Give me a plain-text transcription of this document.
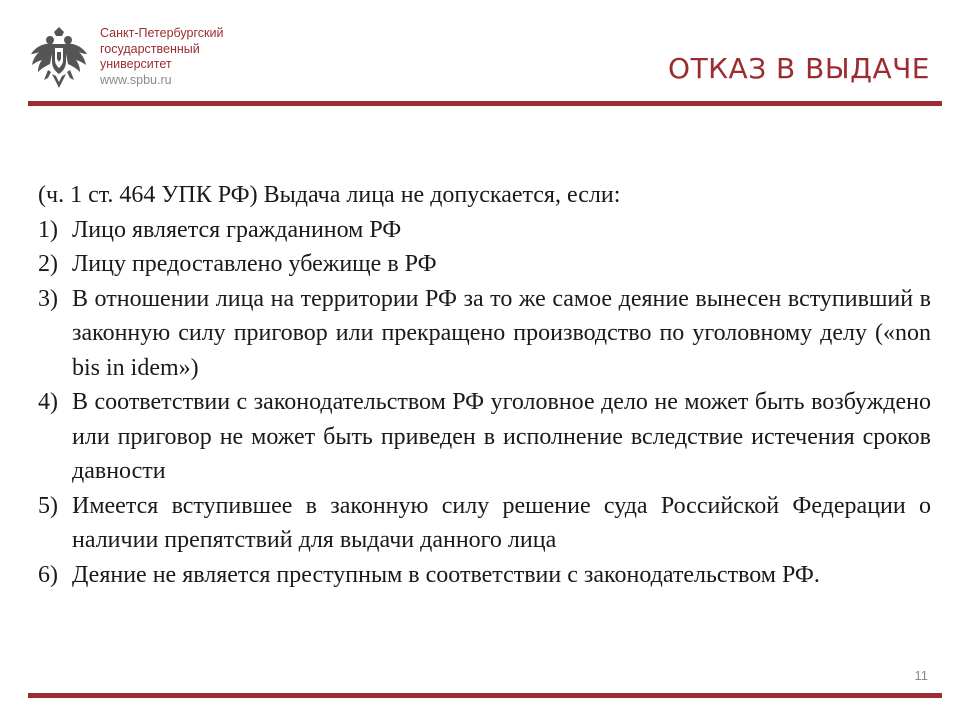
Санкт-Петербургский
государственный
университет
www.spbu.ru	ОТКАЗ В ВЫДАЧЕ

(ч. 1 ст. 464 УПК РФ) Выдача лица не допускается, если:

1) Лицо является гражданином РФ
2) Лицу предоставлено убежище в РФ
3) В отношении лица на территории РФ за то же самое деяние вынесен вступивший в законную силу приговор или прекращено производство по уголовному делу («non bis in idem»)
4) В соответствии с законодательством РФ уголовное дело не может быть возбуждено или приговор не может быть приведен в исполнение вследствие истечения сроков давности
5) Имеется вступившее в законную силу решение суда Российской Федерации о наличии препятствий для выдачи данного лица
6) Деяние не является преступным в соответствии с законодательством РФ.
11
